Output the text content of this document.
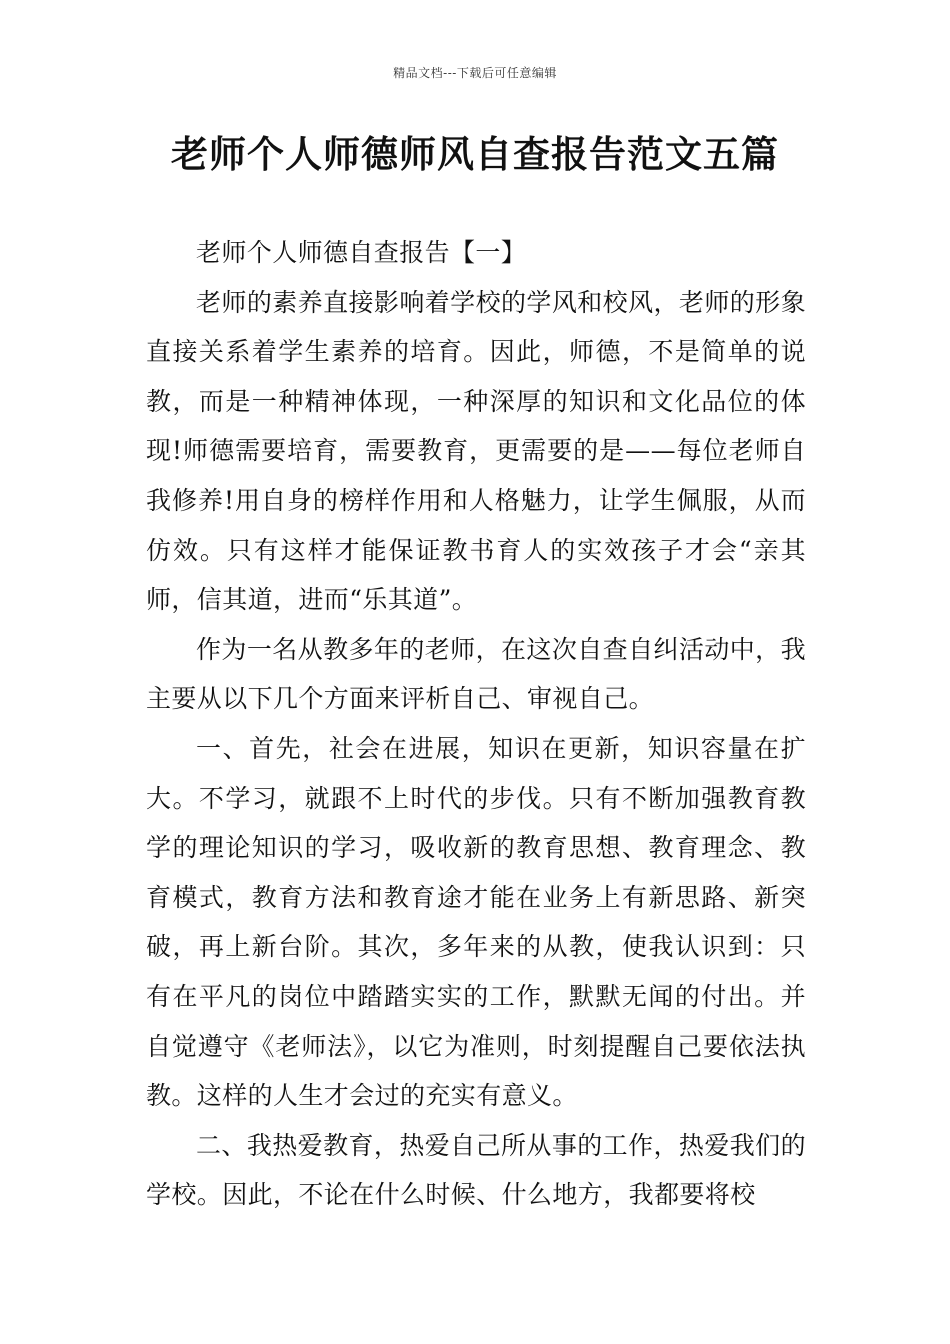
精品文档---下载后可任意编辑
老师个人师德师风自查报告范文五篇

老师个人师德自查报告【一】

老师的素养直接影响着学校的学风和校风，老师的形象直接关系着学生素养的培育。因此，师德，不是简单的说教，而是一种精神体现，一种深厚的知识和文化品位的体现!师德需要培育，需要教育，更需要的是——每位老师自我修养!用自身的榜样作用和人格魅力，让学生佩服，从而仿效。只有这样才能保证教书育人的实效孩子才会“亲其师，信其道，进而“乐其道”。

作为一名从教多年的老师，在这次自查自纠活动中，我主要从以下几个方面来评析自己、审视自己。

一、首先，社会在进展，知识在更新，知识容量在扩大。不学习，就跟不上时代的步伐。只有不断加强教育教学的理论知识的学习，吸收新的教育思想、教育理念、教育模式，教育方法和教育途才能在业务上有新思路、新突破，再上新台阶。其次，多年来的从教，使我认识到：只有在平凡的岗位中踏踏实实的工作，默默无闻的付出。并自觉遵守《老师法》，以它为准则，时刻提醒自己要依法执教。这样的人生才会过的充实有意义。

二、我热爱教育，热爱自己所从事的工作，热爱我们的学校。因此，不论在什么时候、什么地方，我都要将校
